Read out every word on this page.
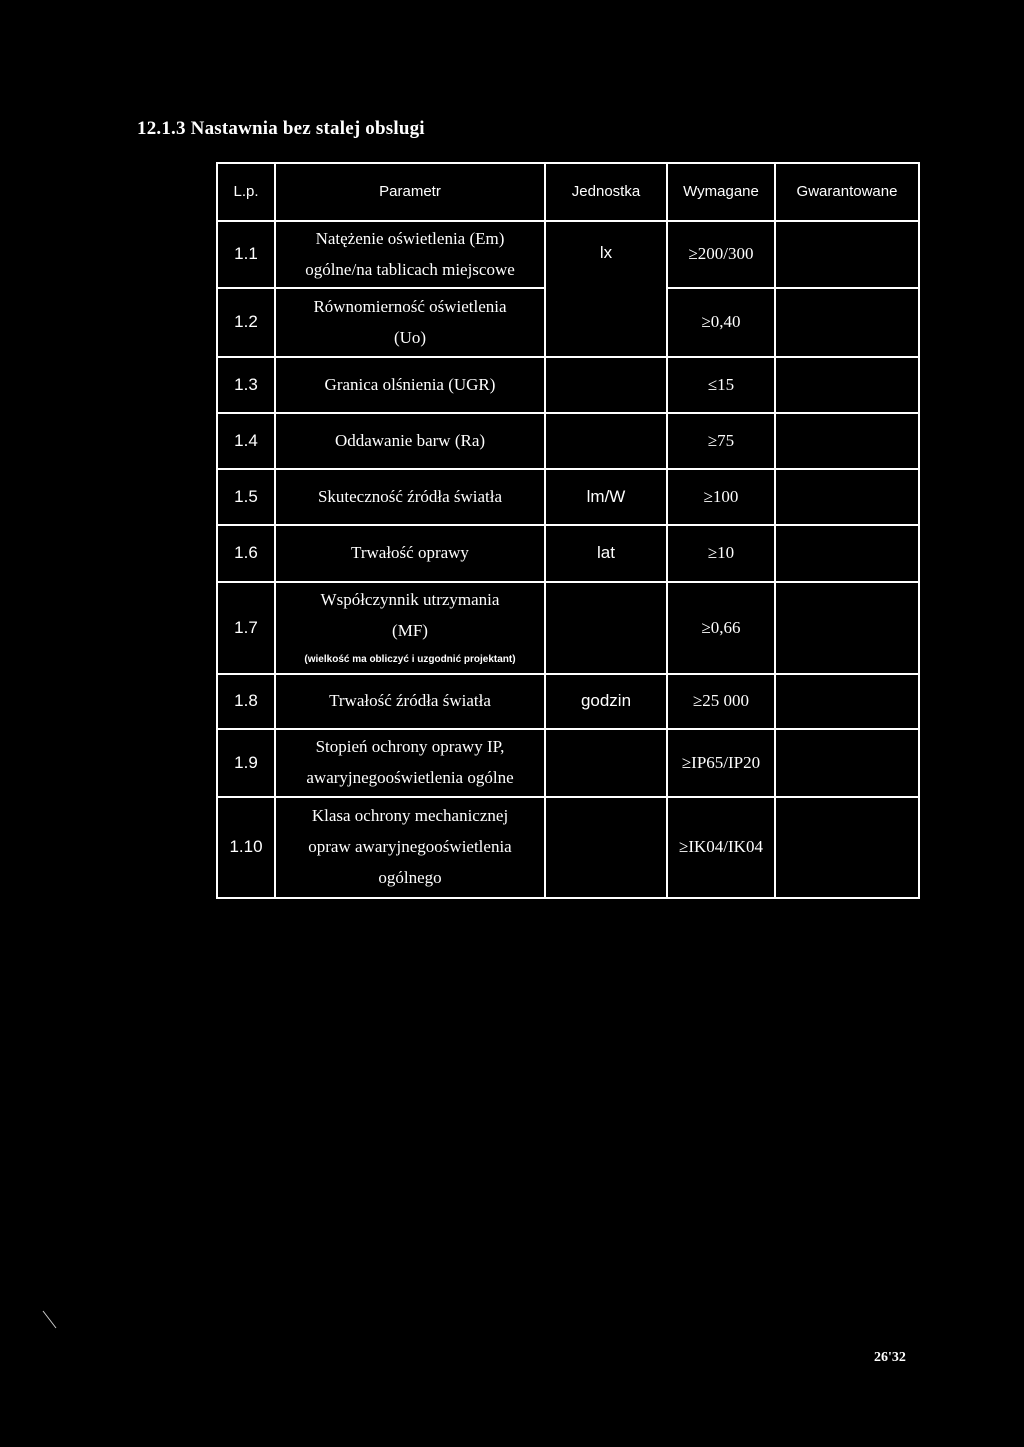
12.1.3 Nastawnia bez stalej obslugi
L.p.	Parametr	Jednostka	Wymagane	Gwarantowane
1.1	Natężenie oświetlenia (Em)
ogólne/na tablicach miejscowe	lx	≥200/300	
1.2	Równomierność oświetlenia
(Uo)		≥0,40	
1.3	Granica olśnienia (UGR)		≤15	
1.4	Oddawanie barw (Ra)		≥75	
1.5	Skuteczność źródła światła	lm/W	≥100	
1.6	Trwałość oprawy	lat	≥10	
1.7	Współczynnik utrzymania
(MF)
(wielkość ma obliczyć i uzgodnić projektant)		≥0,66	
1.8	Trwałość źródła światła	godzin	≥25 000	
1.9	Stopień ochrony oprawy IP,
awaryjnegooświetlenia ogólne		≥IP65/IP20	
1.10	Klasa ochrony mechanicznej
opraw awaryjnegooświetlenia
ogólnego		≥IK04/IK04	
26'32
